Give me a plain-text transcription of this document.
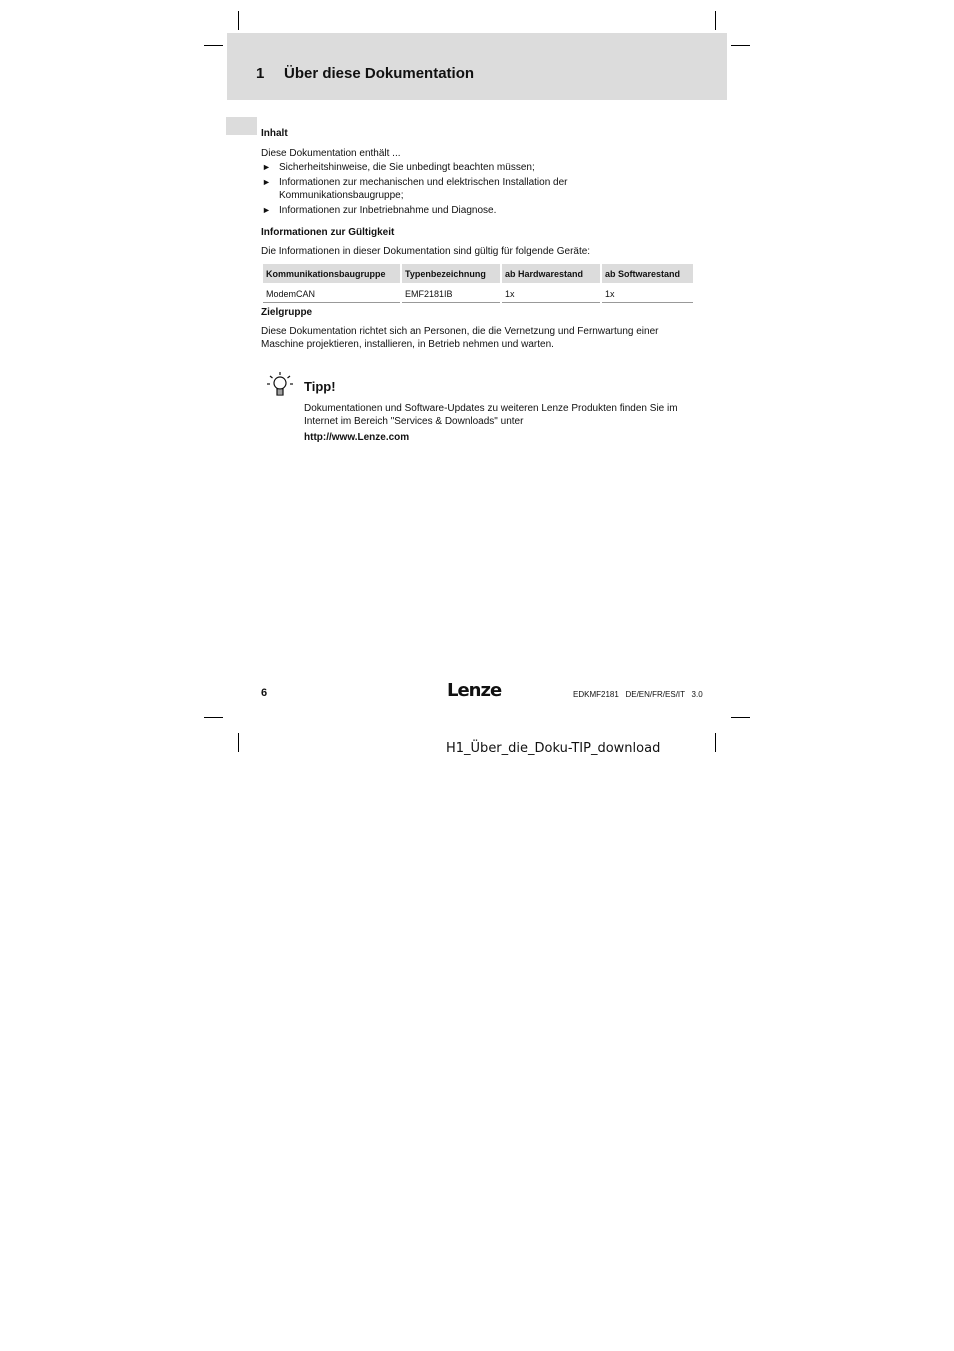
1 Über diese Dokumentation
Inhalt
Diese Dokumentation enthält ...
► Sicherheitshinweise, die Sie unbedingt beachten müssen;
► Informationen zur mechanischen und elektrischen Installation der Kommunikationsbaugruppe;
► Informationen zur Inbetriebnahme und Diagnose.
Informationen zur Gültigkeit
Die Informationen in dieser Dokumentation sind gültig für folgende Geräte:
Kommunikationsbaugruppe	Typenbezeichnung	ab Hardwarestand	ab Softwarestand
ModemCAN	EMF2181IB	1x	1x
Zielgruppe
Diese Dokumentation richtet sich an Personen, die die Vernetzung und Fernwartung einer Maschine projektieren, installieren, in Betrieb nehmen und warten.
Tipp!
Dokumentationen und Software-Updates zu weiteren Lenze Produkten finden Sie im Internet im Bereich "Services & Downloads" unter
http://www.Lenze.com
6	Lenze	EDKMF2181   DE/EN/FR/ES/IT   3.0
H1_Über_die_Doku-TIP_download
